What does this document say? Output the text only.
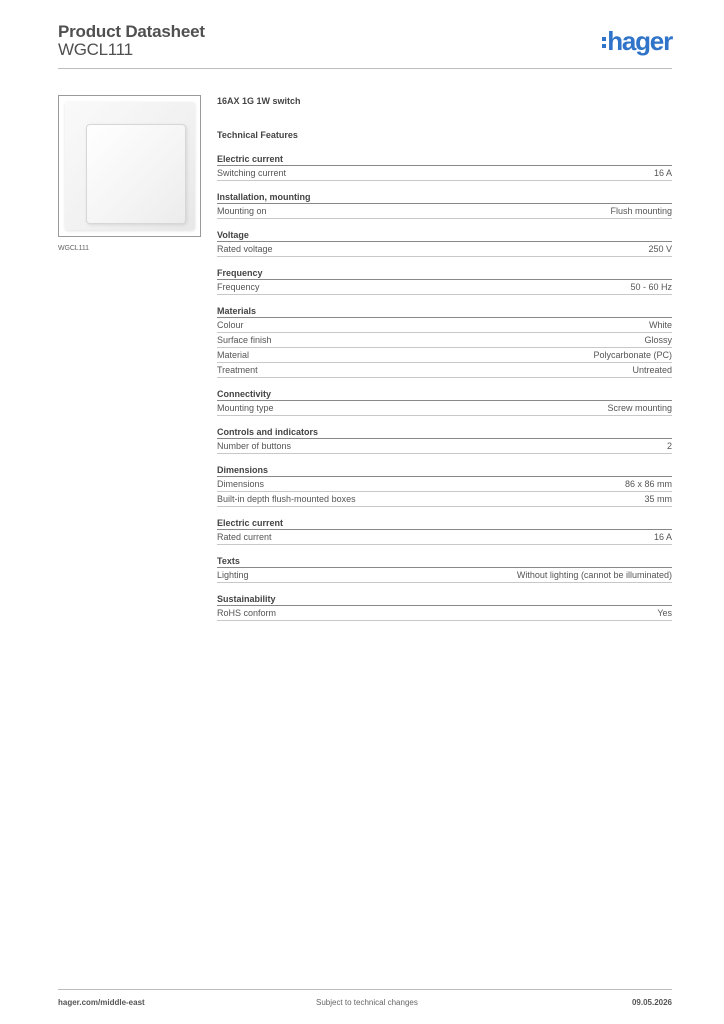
Product Datasheet
WGCL111	hager
WGCL111
16AX 1G 1W switch
Technical Features
Electric current
Switching current	16 A
Installation, mounting
Mounting on	Flush mounting
Voltage
Rated voltage	250 V
Frequency
Frequency	50 - 60 Hz
Materials
Colour	White
Surface finish	Glossy
Material	Polycarbonate (PC)
Treatment	Untreated
Connectivity
Mounting type	Screw mounting
Controls and indicators
Number of buttons	2
Dimensions
Dimensions	86 x 86 mm
Built-in depth flush-mounted boxes	35 mm
Electric current
Rated current	16 A
Texts
Lighting	Without lighting (cannot be illuminated)
Sustainability
RoHS conform	Yes
hager.com/middle-east	Subject to technical changes	09.05.2026
